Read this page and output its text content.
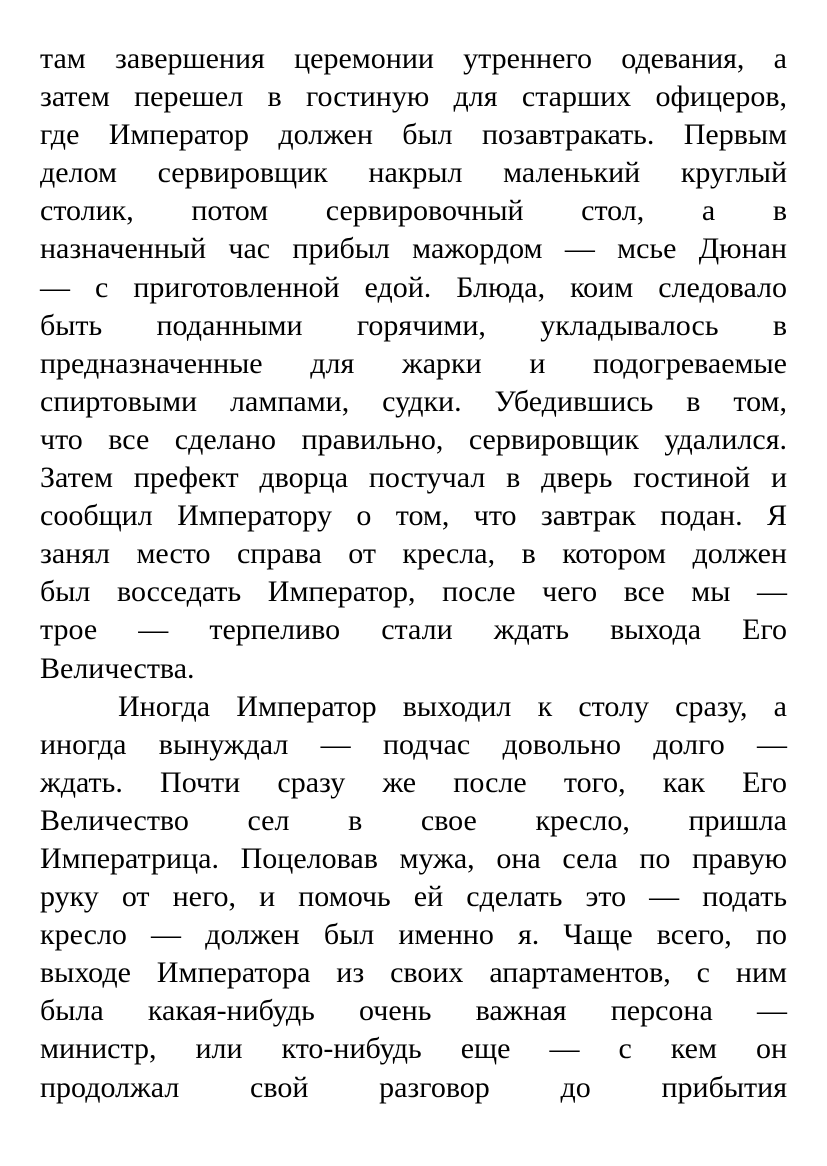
там завершения церемонии утреннего одевания, а
затем перешел в гостиную для старших офицеров,
где Император должен был позавтракать. Первым
делом сервировщик накрыл маленький круглый
столик, потом сервировочный стол, а в
назначенный час прибыл мажордом — мсье Дюнан
— с приготовленной едой. Блюда, коим следовало
быть поданными горячими, укладывалось в
предназначенные для жарки и подогреваемые
спиртовыми лампами, судки. Убедившись в том,
что все сделано правильно, сервировщик удалился.
Затем префект дворца постучал в дверь гостиной и
сообщил Императору о том, что завтрак подан. Я
занял место справа от кресла, в котором должен
был восседать Император, после чего все мы —
трое — терпеливо стали ждать выхода Его
Величества.
Иногда Император выходил к столу сразу, а
иногда вынуждал — подчас довольно долго —
ждать. Почти сразу же после того, как Его
Величество сел в свое кресло, пришла
Императрица. Поцеловав мужа, она села по правую
руку от него, и помочь ей сделать это — подать
кресло — должен был именно я. Чаще всего, по
выходе Императора из своих апартаментов, с ним
была какая-нибудь очень важная персона —
министр, или кто-нибудь еще — с кем он
продолжал свой разговор до прибытия
